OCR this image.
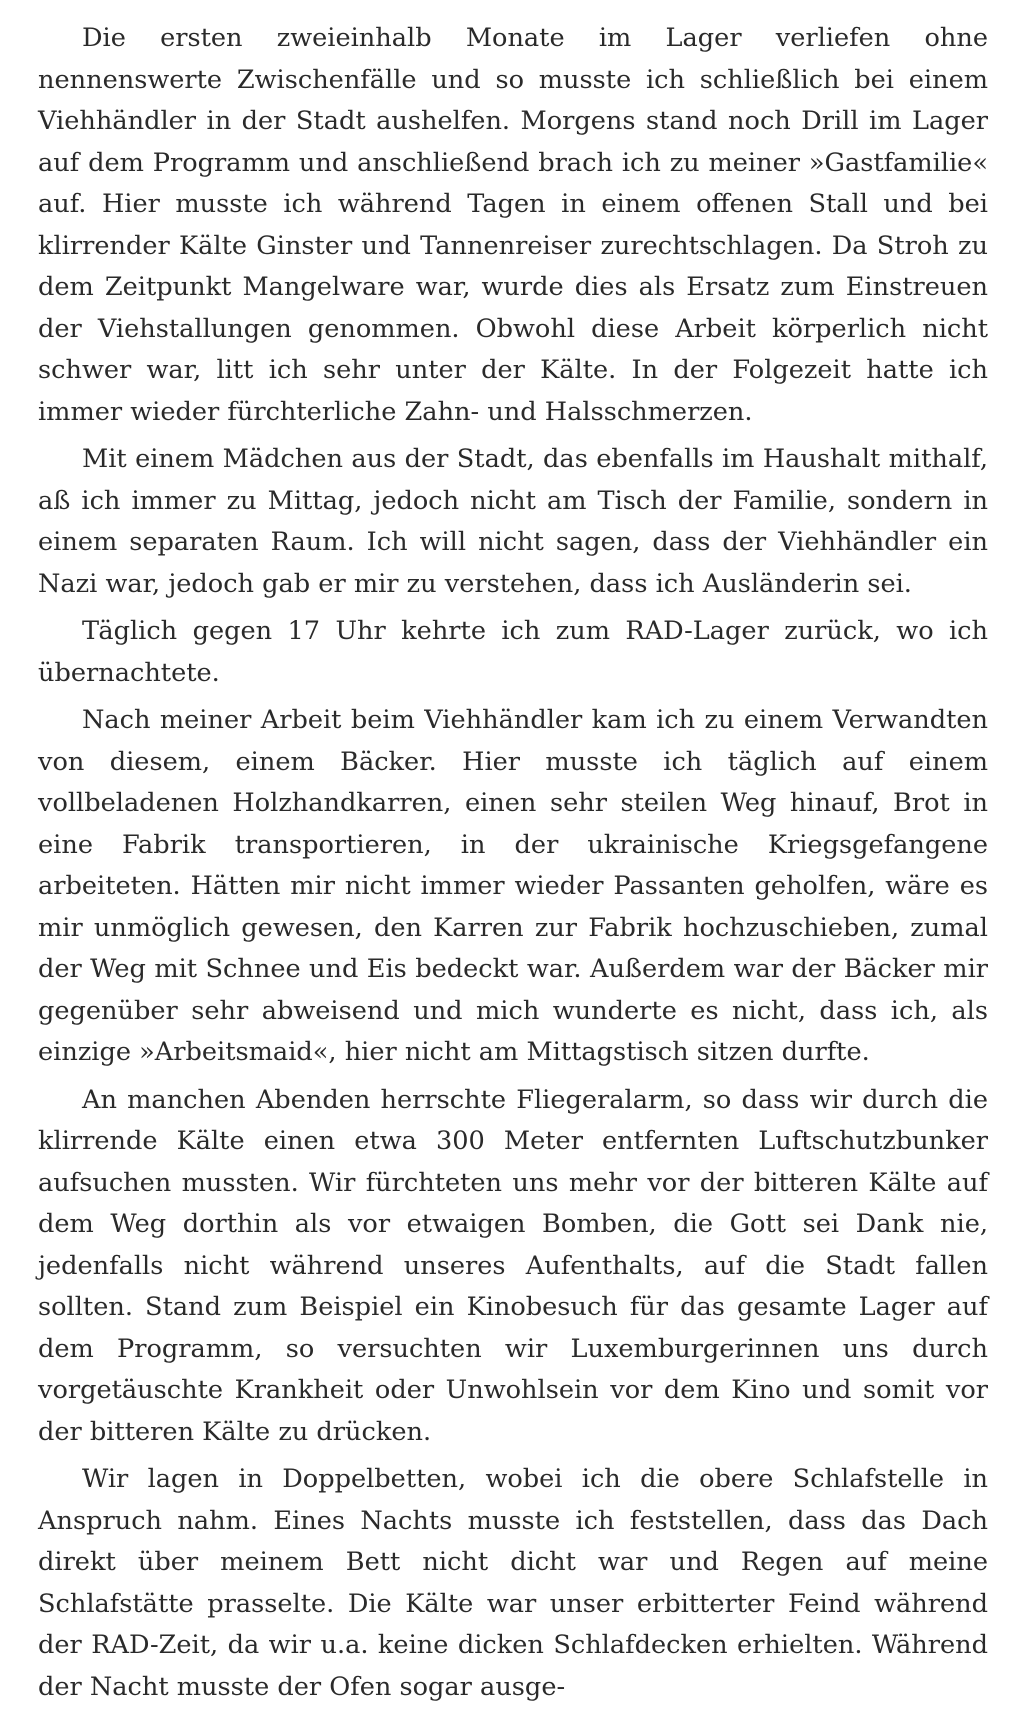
Die ersten zweieinhalb Monate im Lager verliefen ohne nennenswerte Zwischenfälle und so musste ich schließlich bei einem Viehhändler in der Stadt aushelfen. Morgens stand noch Drill im Lager auf dem Programm und anschließend brach ich zu meiner »Gastfamilie« auf. Hier musste ich während Tagen in einem offenen Stall und bei klirrender Kälte Ginster und Tannenreiser zurechtschlagen. Da Stroh zu dem Zeitpunkt Mangelware war, wurde dies als Ersatz zum Einstreuen der Viehstallungen genommen. Obwohl diese Arbeit körperlich nicht schwer war, litt ich sehr unter der Kälte. In der Folgezeit hatte ich immer wieder fürchterliche Zahn- und Halsschmerzen.

Mit einem Mädchen aus der Stadt, das ebenfalls im Haushalt mithalf, aß ich immer zu Mittag, jedoch nicht am Tisch der Familie, sondern in einem separaten Raum. Ich will nicht sagen, dass der Viehhändler ein Nazi war, jedoch gab er mir zu verstehen, dass ich Ausländerin sei.

Täglich gegen 17 Uhr kehrte ich zum RAD-Lager zurück, wo ich übernachtete.

Nach meiner Arbeit beim Viehhändler kam ich zu einem Verwandten von diesem, einem Bäcker. Hier musste ich täglich auf einem vollbeladenen Holzhandkarren, einen sehr steilen Weg hinauf, Brot in eine Fabrik transportieren, in der ukrainische Kriegsgefangene arbeiteten. Hätten mir nicht immer wieder Passanten geholfen, wäre es mir unmöglich gewesen, den Karren zur Fabrik hochzuschieben, zumal der Weg mit Schnee und Eis bedeckt war. Außerdem war der Bäcker mir gegenüber sehr abweisend und mich wunderte es nicht, dass ich, als einzige »Arbeitsmaid«, hier nicht am Mittagstisch sitzen durfte.

An manchen Abenden herrschte Fliegeralarm, so dass wir durch die klirrende Kälte einen etwa 300 Meter entfernten Luftschutzbunker aufsuchen mussten. Wir fürchteten uns mehr vor der bitteren Kälte auf dem Weg dorthin als vor etwaigen Bomben, die Gott sei Dank nie, jedenfalls nicht während unseres Aufenthalts, auf die Stadt fallen sollten. Stand zum Beispiel ein Kinobesuch für das gesamte Lager auf dem Programm, so versuchten wir Luxemburgerinnen uns durch vorgetäuschte Krankheit oder Unwohlsein vor dem Kino und somit vor der bitteren Kälte zu drücken.

Wir lagen in Doppelbetten, wobei ich die obere Schlafstelle in Anspruch nahm. Eines Nachts musste ich feststellen, dass das Dach direkt über meinem Bett nicht dicht war und Regen auf meine Schlafstätte prasselte. Die Kälte war unser erbitterter Feind während der RAD-Zeit, da wir u.a. keine dicken Schlafdecken erhielten. Während der Nacht musste der Ofen sogar ausge-
